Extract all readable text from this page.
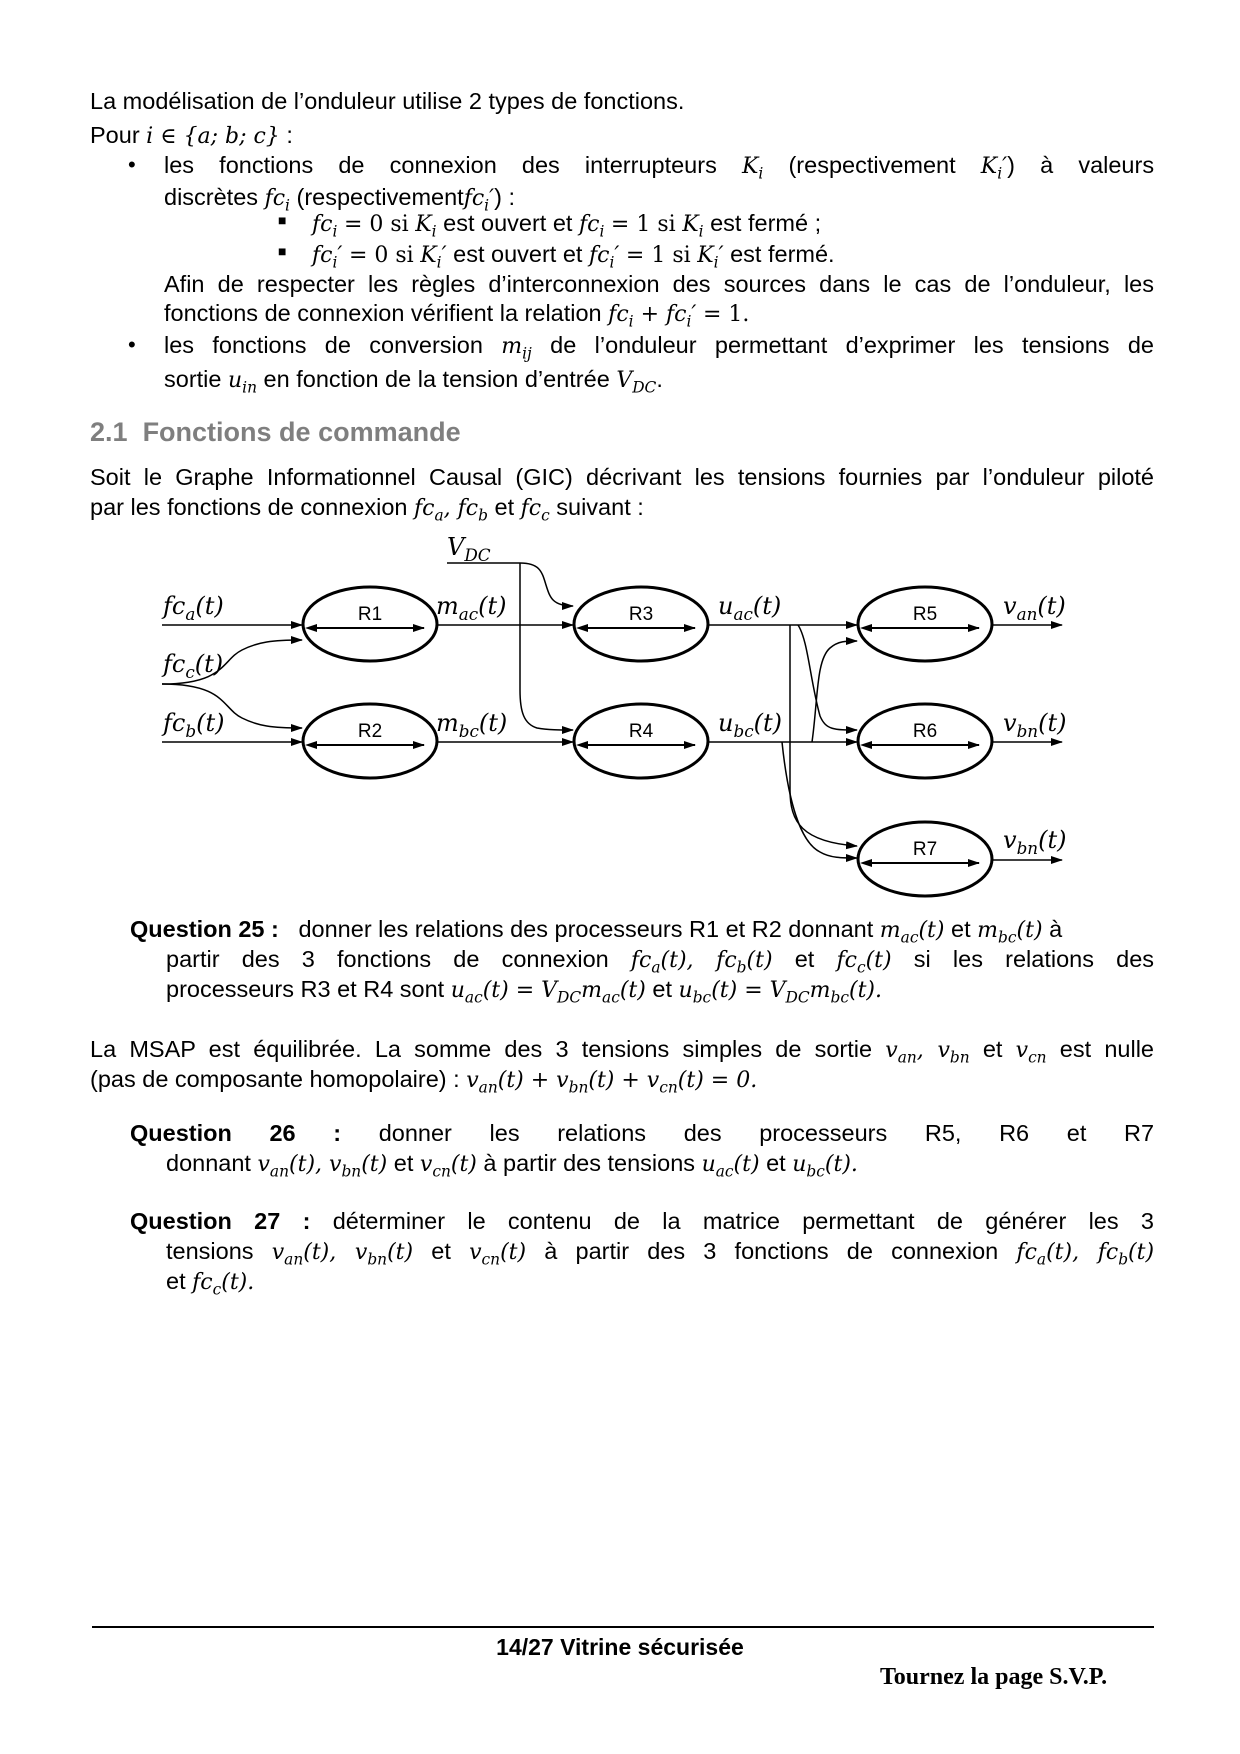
La modélisation de l’onduleur utilise 2 types de fonctions.
Pour i ∈ {a; b; c} :
• les fonctions de connexion des interrupteurs $K_i$ (respectivement $K_i'$) à valeurs
discrètes $fc_i$ (respectivementfc$_i$′) :
■ $fc_i = 0$ si $K_i$ est ouvert et $fc_i = 1$ si $K_i$ est fermé ;
■ $fc_i' = 0$ si $K_i'$ est ouvert et $fc_i' = 1$ si $K_i'$ est fermé.
Afin de respecter les règles d’interconnexion des sources dans le cas de l’onduleur, les
fonctions de connexion vérifient la relation $fc_i + fc_i' = 1$.
• les fonctions de conversion $m_{ij}$ de l’onduleur permettant d’exprimer les tensions de
sortie $u_{in}$ en fonction de la tension d’entrée $V_{DC}$.
2.1 Fonctions de commande
Soit le Graphe Informationnel Causal (GIC) décrivant les tensions fournies par l’onduleur piloté
par les fonctions de connexion $fc_a$, $fc_b$ et $fc_c$ suivant :
R1
R2
R3
R4
R5
R6
R7
$V_{DC}$
$fc_a(t)$
$fc_c(t)$
$fc_b(t)$
$m_{ac}(t)$
$m_{bc}(t)$
$u_{ac}(t)$
$u_{bc}(t)$
$v_{an}(t)$
$v_{bn}(t)$
$v_{bn}(t)$
Question 25 : donner les relations des processeurs R1 et R2 donnant $m_{ac}(t)$ et $m_{bc}(t)$ à
partir des 3 fonctions de connexion $fc_a(t)$, $fc_b(t)$ et $fc_c(t)$ si les relations des
processeurs R3 et R4 sont $u_{ac}(t) = V_{DC}m_{ac}(t)$ et $u_{bc}(t) = V_{DC}m_{bc}(t)$.
La MSAP est équilibrée. La somme des 3 tensions simples de sortie $v_{an}$, $v_{bn}$ et $v_{cn}$ est nulle
(pas de composante homopolaire) : $v_{an}(t) + v_{bn}(t) + v_{cn}(t) = 0$.
Question 26 : donner les relations des processeurs R5, R6 et R7
donnant $v_{an}(t)$, $v_{bn}(t)$ et $v_{cn}(t)$ à partir des tensions $u_{ac}(t)$ et $u_{bc}(t)$.
Question 27 : déterminer le contenu de la matrice permettant de générer les 3
tensions $v_{an}(t)$, $v_{bn}(t)$ et $v_{cn}(t)$ à partir des 3 fonctions de connexion $fc_a(t)$, $fc_b(t)$
et $fc_c(t)$.
14/27 Vitrine sécurisée
Tournez la page S.V.P.
